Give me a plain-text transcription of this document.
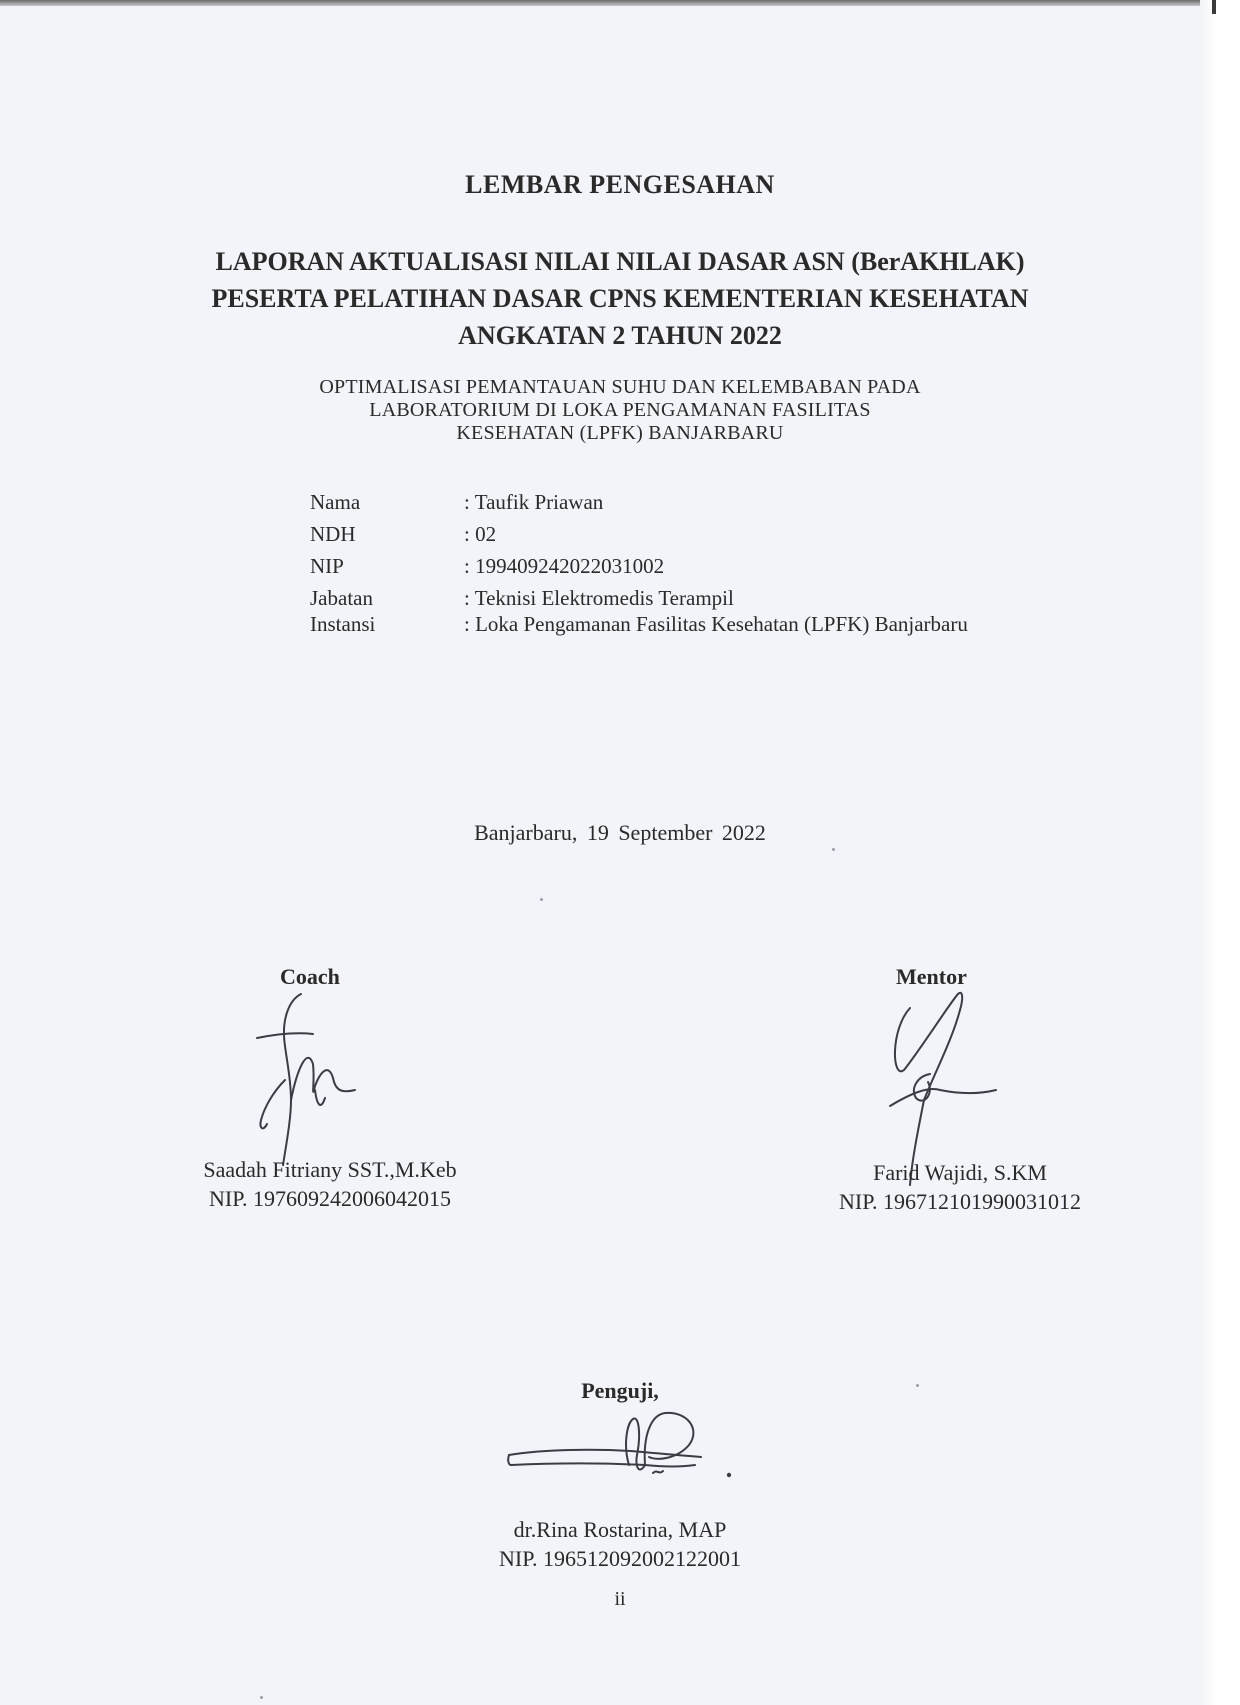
LEMBAR PENGESAHAN
LAPORAN AKTUALISASI NILAI NILAI DASAR ASN (BerAKHLAK)
PESERTA PELATIHAN DASAR CPNS KEMENTERIAN KESEHATAN
ANGKATAN 2 TAHUN 2022
OPTIMALISASI PEMANTAUAN SUHU DAN KELEMBABAN PADA
LABORATORIUM DI LOKA PENGAMANAN FASILITAS
KESEHATAN (LPFK) BANJARBARU
Nama	: Taufik Priawan
NDH	: 02
NIP	: 199409242022031002
Jabatan	: Teknisi Elektromedis Terampil
Instansi	: Loka Pengamanan Fasilitas Kesehatan (LPFK) Banjarbaru
Banjarbaru, 19 September 2022
Coach	Mentor
Saadah Fitriany SST.,M.Keb
NIP. 197609242006042015
Farid Wajidi, S.KM
NIP. 196712101990031012
Penguji,
dr.Rina Rostarina, MAP
NIP. 196512092002122001
ii
